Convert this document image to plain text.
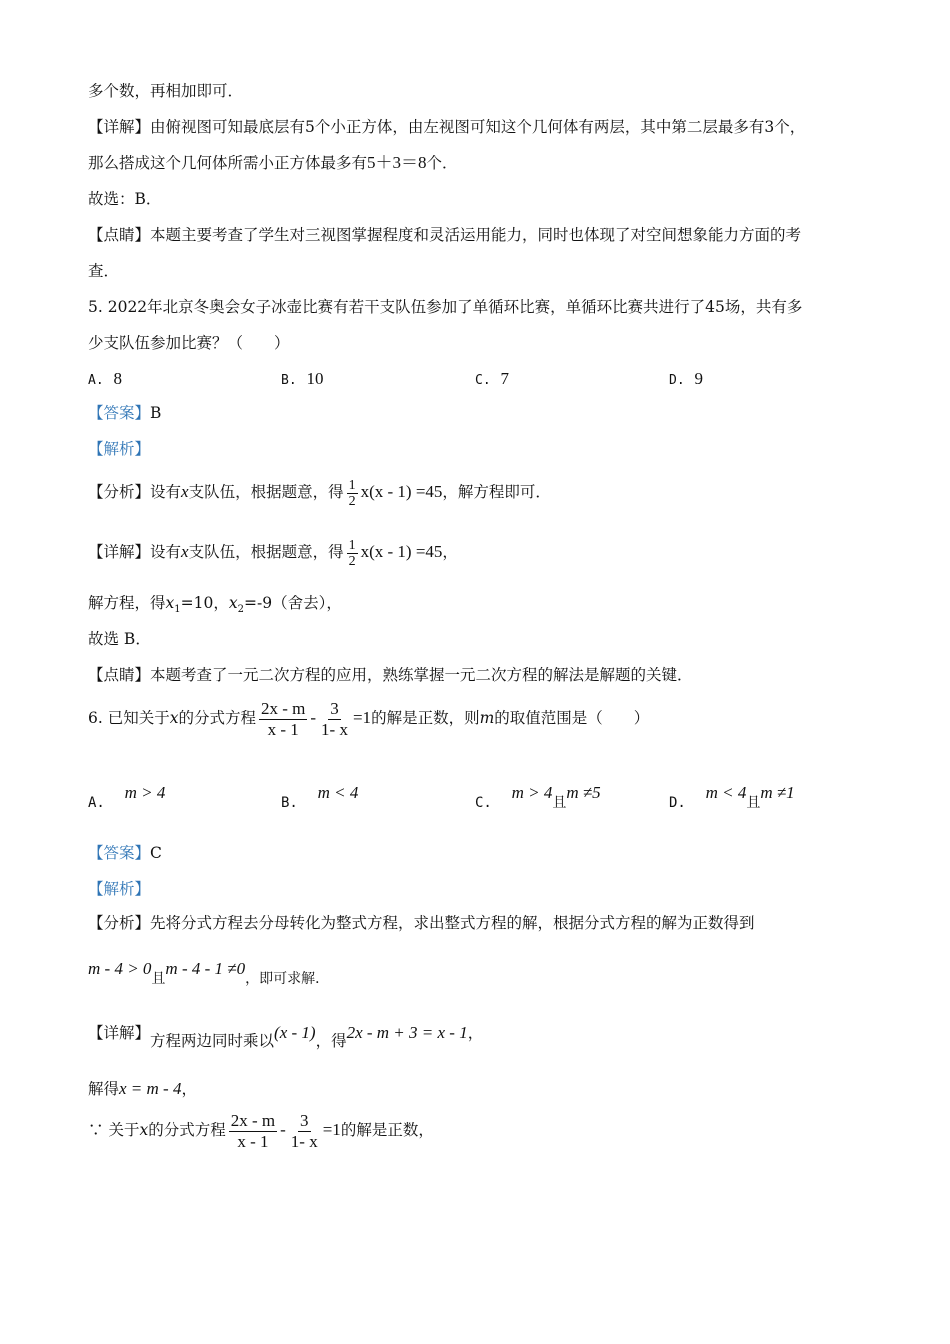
多个数，再相加即可．
【详解】由俯视图可知最底层有5个小正方体，由左视图可知这个几何体有两层，其中第二层最多有3个，
那么搭成这个几何体所需小正方体最多有5＋3＝8个．
故选：B．
【点睛】本题主要考查了学生对三视图掌握程度和灵活运用能力，同时也体现了对空间想象能力方面的考
查．
5. 2022年北京冬奥会女子冰壶比赛有若干支队伍参加了单循环比赛，单循环比赛共进行了45场，共有多
少支队伍参加比赛？（　　）
A. 8	B. 10	C. 7	D. 9
【答案】B
【解析】
【分析】设有x支队伍，根据题意，得 $\frac{1}{2} x(x - 1) =45$，解方程即可．
【详解】设有x支队伍，根据题意，得 $\frac{1}{2} x(x - 1) =45$，
解方程，得$x_1=10$，$x_2=-9$（舍去），
故选 B．
【点睛】本题考查了一元二次方程的应用，熟练掌握一元二次方程的解法是解题的关键．
6. 已知关于x的分式方程 $\frac{2x - m}{x - 1} - \frac{3}{1- x} =1$的解是正数，则m的取值范围是（　　）
A.    m > 4
B.    m < 4
C.    m > 4且m ≠5
D.    m < 4且m ≠1
【答案】C
【解析】
【分析】先将分式方程去分母转化为整式方程，求出整式方程的解，根据分式方程的解为正数得到
m - 4 > 0且m - 4 - 1 ≠0，即可求解．
【详解】方程两边同时乘以(x - 1)，得2x - m + 3 = x - 1，
解得x = m - 4，
∵ 关于x的分式方程 $\frac{2x - m}{x - 1} - \frac{3}{1- x} =1$的解是正数，
